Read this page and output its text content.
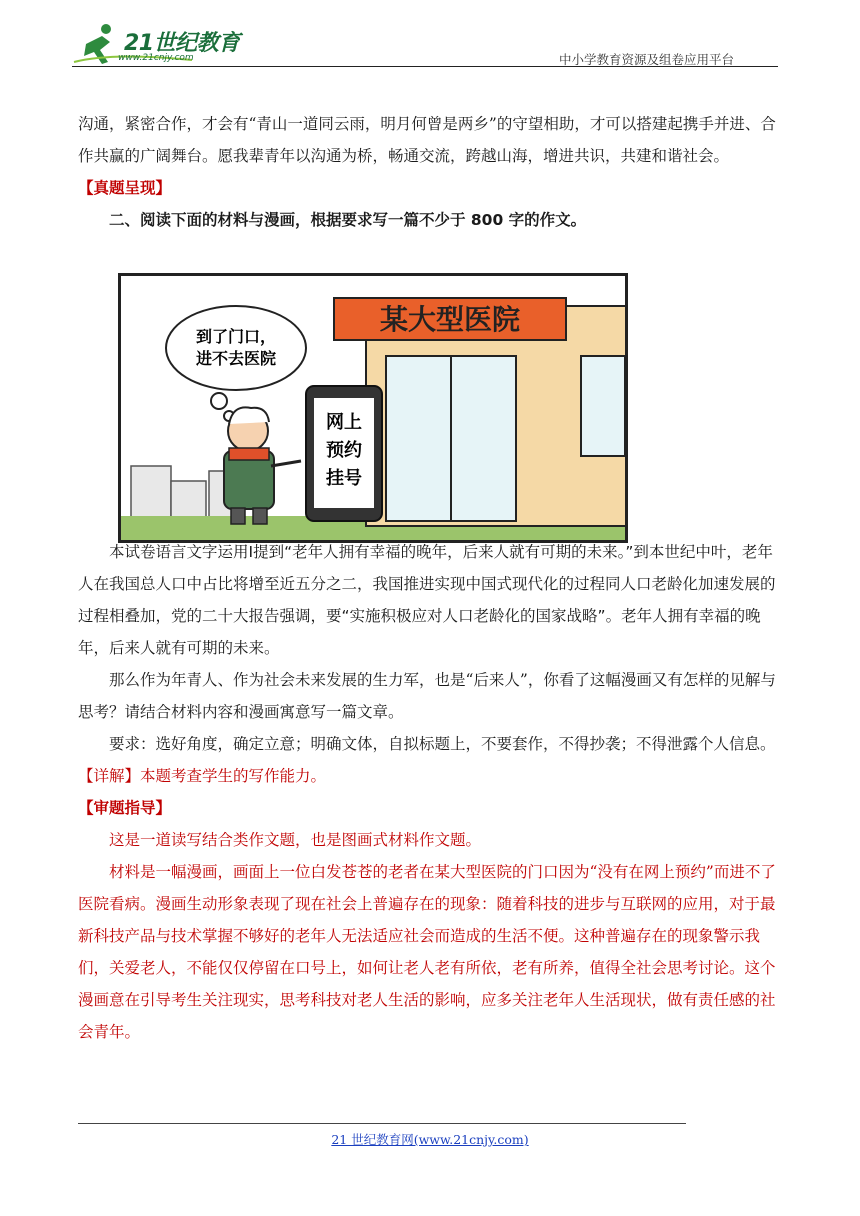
21世纪教育
www.21cnjy.com	中小学教育资源及组卷应用平台

沟通，紧密合作，才会有“青山一道同云雨，明月何曾是两乡”的守望相助，才可以搭建起携手并进、合作共赢的广阔舞台。愿我辈青年以沟通为桥，畅通交流，跨越山海，增进共识，共建和谐社会。

【真题呈现】

二、阅读下面的材料与漫画，根据要求写一篇不少于 800 字的作文。

本试卷语言文字运用Ⅰ提到“老年人拥有幸福的晚年，后来人就有可期的未来。”到本世纪中叶，老年人在我国总人口中占比将增至近五分之二，我国推进实现中国式现代化的过程同人口老龄化加速发展的过程相叠加，党的二十大报告强调，要“实施积极应对人口老龄化的国家战略”。老年人拥有幸福的晚年，后来人就有可期的未来。

那么作为年青人、作为社会未来发展的生力军，也是“后来人”，你看了这幅漫画又有怎样的见解与思考？请结合材料内容和漫画寓意写一篇文章。

要求：选好角度，确定立意；明确文体，自拟标题上，不要套作，不得抄袭；不得泄露个人信息。

【详解】本题考查学生的写作能力。

【审题指导】

这是一道读写结合类作文题，也是图画式材料作文题。

材料是一幅漫画，画面上一位白发苍苍的老者在某大型医院的门口因为“没有在网上预约”而进不了医院看病。漫画生动形象表现了现在社会上普遍存在的现象：随着科技的进步与互联网的应用，对于最新科技产品与技术掌握不够好的老年人无法适应社会而造成的生活不便。这种普遍存在的现象警示我们，关爱老人，不能仅仅停留在口号上，如何让老人老有所依，老有所养，值得全社会思考讨论。这个漫画意在引导考生关注现实，思考科技对老人生活的影响，应多关注老年人生活现状，做有责任感的社会青年。

某大型医院
网上
预约
挂号
到了门口，
进不去医院
21 世纪教育网(www.21cnjy.com)
